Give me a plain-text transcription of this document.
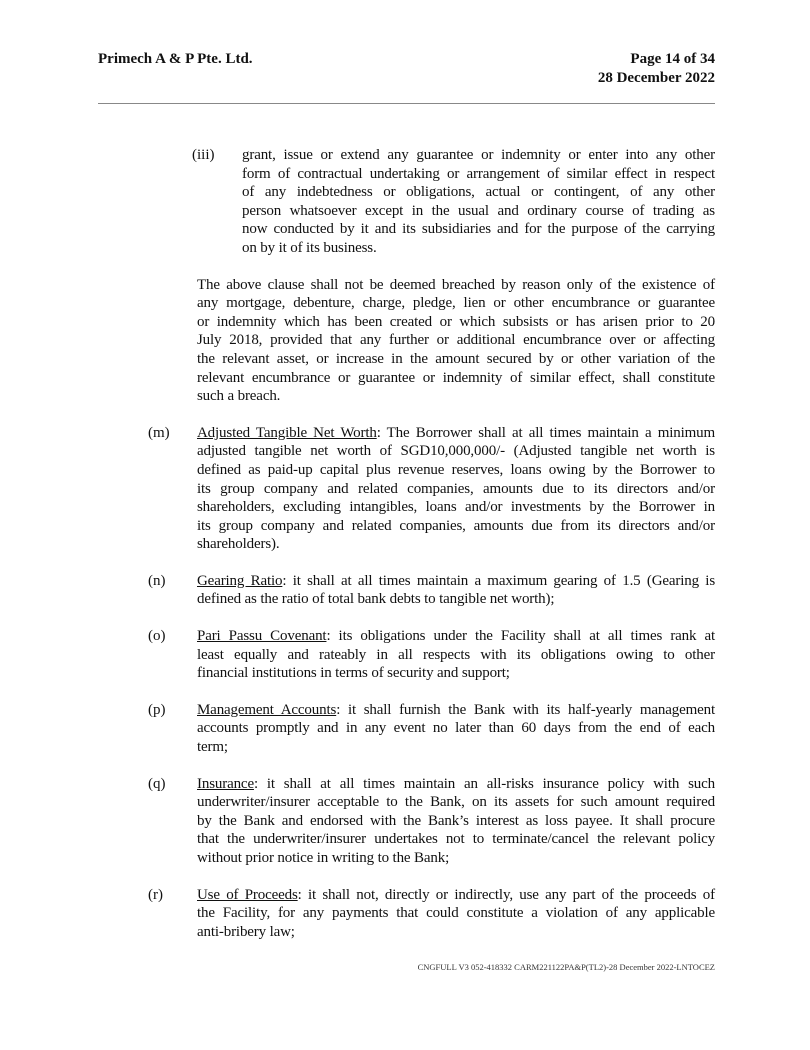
Primech A & P Pte. Ltd.	Page 14 of 34
28 December 2022
(iii)	grant, issue or extend any guarantee or indemnity or enter into any other
form of contractual undertaking or arrangement of similar effect in respect
of any indebtedness or obligations, actual or contingent, of any other
person whatsoever except in the usual and ordinary course of trading as
now conducted by it and its subsidiaries and for the purpose of the carrying
on by it of its business.
The above clause shall not be deemed breached by reason only of the existence of
any mortgage, debenture, charge, pledge, lien or other encumbrance or guarantee
or indemnity which has been created or which subsists or has arisen prior to 20
July 2018, provided that any further or additional encumbrance over or affecting
the relevant asset, or increase in the amount secured by or other variation of the
relevant encumbrance or guarantee or indemnity of similar effect, shall constitute
such a breach.
(m)	Adjusted Tangible Net Worth: The Borrower shall at all times maintain a minimum
adjusted tangible net worth of SGD10,000,000/- (Adjusted tangible net worth is
defined as paid-up capital plus revenue reserves, loans owing by the Borrower to
its group company and related companies, amounts due to its directors and/or
shareholders, excluding intangibles, loans and/or investments by the Borrower in
its group company and related companies, amounts due from its directors and/or
shareholders).
(n)	Gearing Ratio: it shall at all times maintain a maximum gearing of 1.5 (Gearing is
defined as the ratio of total bank debts to tangible net worth);
(o)	Pari Passu Covenant: its obligations under the Facility shall at all times rank at
least equally and rateably in all respects with its obligations owing to other
financial institutions in terms of security and support;
(p)	Management Accounts: it shall furnish the Bank with its half-yearly management
accounts promptly and in any event no later than 60 days from the end of each
term;
(q)	Insurance: it shall at all times maintain an all-risks insurance policy with such
underwriter/insurer acceptable to the Bank, on its assets for such amount required
by the Bank and endorsed with the Bank’s interest as loss payee. It shall procure
that the underwriter/insurer undertakes not to terminate/cancel the relevant policy
without prior notice in writing to the Bank;
(r)	Use of Proceeds: it shall not, directly or indirectly, use any part of the proceeds of
the Facility, for any payments that could constitute a violation of any applicable
anti-bribery law;
CNGFULL V3 052-418332 CARM221122PA&P(TL2)-28 December 2022-LNTOCEZ
